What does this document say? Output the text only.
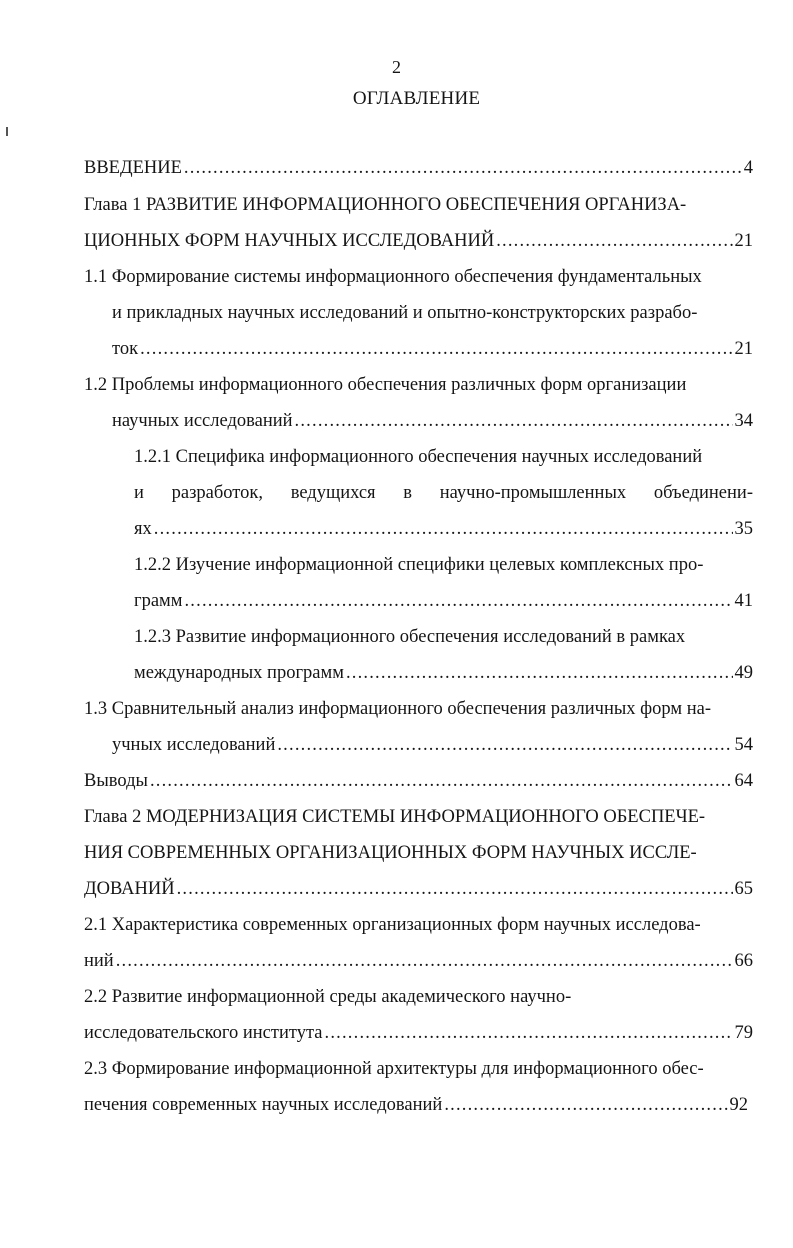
2
ОГЛАВЛЕНИЕ
ВВЕДЕНИЕ .....	4
Глава 1 РАЗВИТИЕ ИНФОРМАЦИОННОГО ОБЕСПЕЧЕНИЯ ОРГАНИЗА-
ЦИОННЫХ ФОРМ НАУЧНЫХ ИССЛЕДОВАНИЙ .....	21
1.1 Формирование системы информационного обеспечения фундаментальных
и прикладных научных исследований и опытно-конструкторских разрабо-
ток .....	21
1.2 Проблемы информационного обеспечения различных форм организации
научных исследований .....	34
1.2.1 Специфика информационного обеспечения научных исследований
и разработок, ведущихся в научно-промышленных объединени-
ях .....	35
1.2.2 Изучение информационной специфики целевых комплексных про-
грамм .....	41
1.2.3 Развитие информационного обеспечения исследований в рамках
международных программ .....	49
1.3 Сравнительный анализ информационного обеспечения различных форм на-
учных исследований .....	54
Выводы .....	64
Глава 2 МОДЕРНИЗАЦИЯ СИСТЕМЫ ИНФОРМАЦИОННОГО ОБЕСПЕЧЕ-
НИЯ СОВРЕМЕННЫХ ОРГАНИЗАЦИОННЫХ ФОРМ НАУЧНЫХ ИССЛЕ-
ДОВАНИЙ .....	65
2.1 Характеристика современных организационных форм научных исследова-
ний .....	66
2.2 Развитие информационной среды академического научно-
исследовательского института .....	79
2.3 Формирование информационной архитектуры для информационного обес-
печения современных научных исследований .....	92
